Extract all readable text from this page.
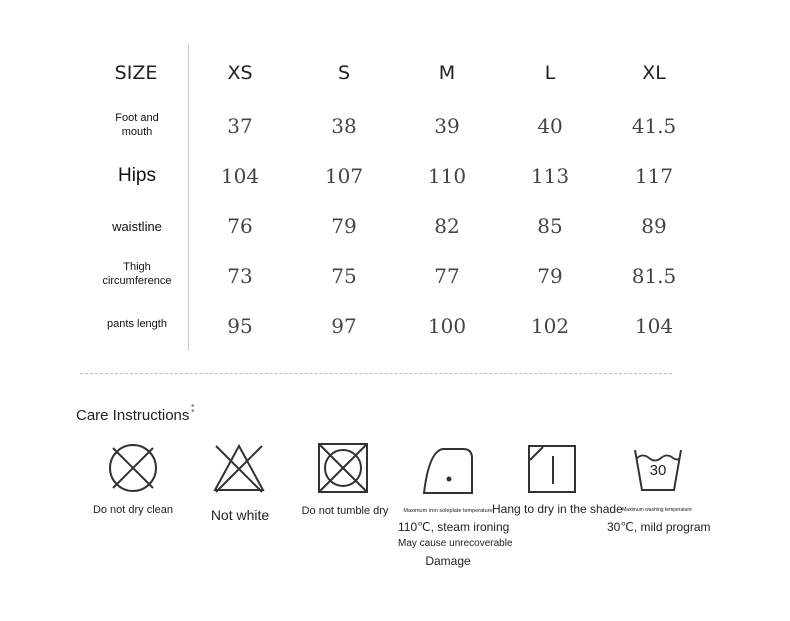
SIZE	XS	S	M	L	XL
Foot and
mouth	37	38	39	40	41.5
Hips	104	107	110	113	117
waistline	76	79	82	85	89
Thigh
circumference	73	75	77	79	81.5
pants length	95	97	100	102	104
Care Instructions
•
•
Do not dry clean	Not white	Do not tumble dry	Maximum iron soleplate temperature
110℃, steam ironing
May cause unrecoverable
Damage
Hang to dry in the shade
30
Maximum washing temperature
30℃, mild program
